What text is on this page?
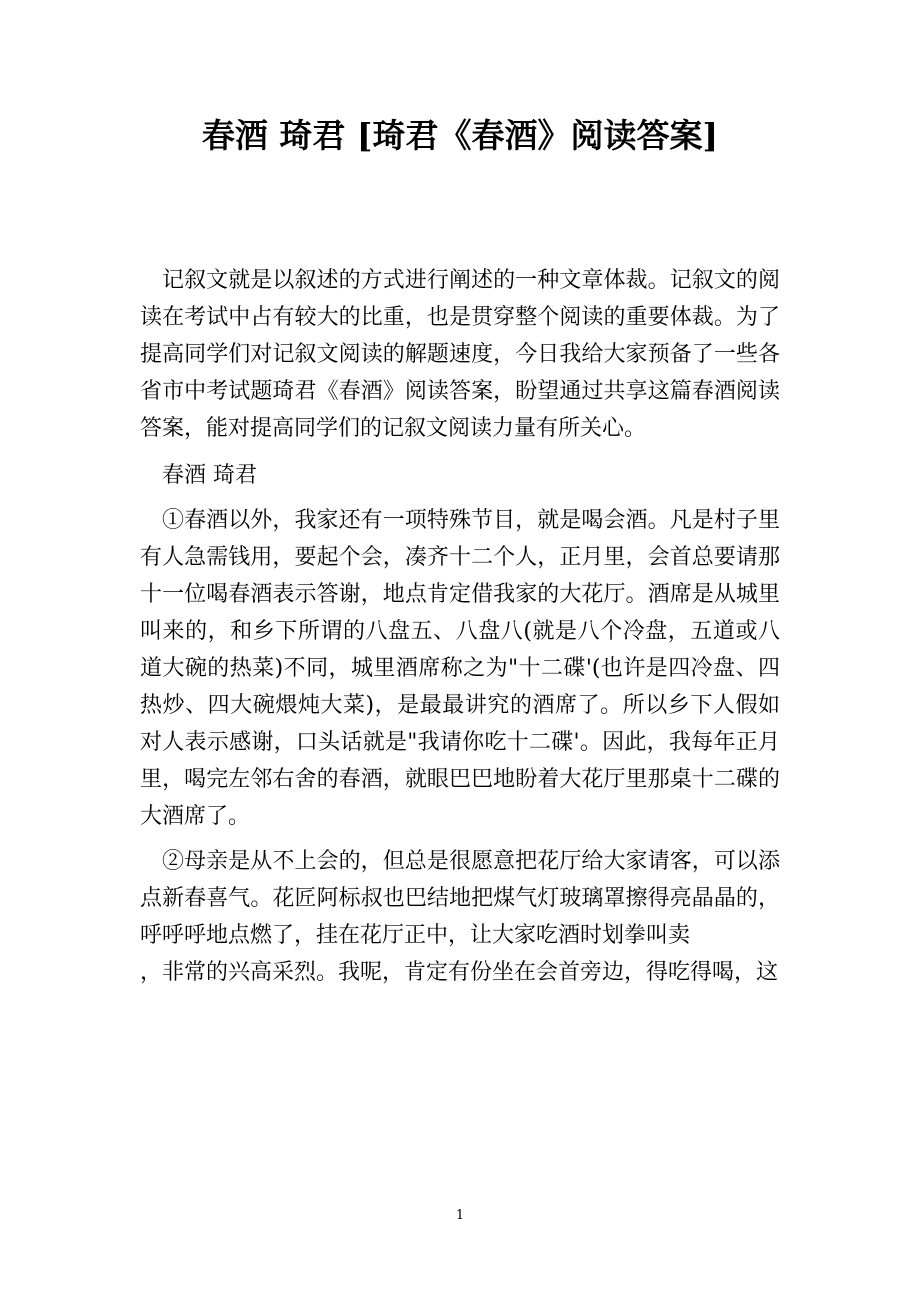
春酒 琦君 [琦君《春酒》阅读答案]

记叙文就是以叙述的方式进行阐述的一种文章体裁。记叙文的阅读在考试中占有较大的比重，也是贯穿整个阅读的重要体裁。为了提高同学们对记叙文阅读的解题速度，今日我给大家预备了一些各省市中考试题琦君《春酒》阅读答案，盼望通过共享这篇春酒阅读答案，能对提高同学们的记叙文阅读力量有所关心。

春酒 琦君

①春酒以外，我家还有一项特殊节目，就是喝会酒。凡是村子里有人急需钱用，要起个会，凑齐十二个人，正月里，会首总要请那十一位喝春酒表示答谢，地点肯定借我家的大花厅。酒席是从城里叫来的，和乡下所谓的八盘五、八盘八(就是八个冷盘，五道或八道大碗的热菜)不同，城里酒席称之为"十二碟'(也许是四冷盘、四热炒、四大碗煨炖大菜)，是最最讲究的酒席了。所以乡下人假如对人表示感谢，口头话就是"我请你吃十二碟'。因此，我每年正月里，喝完左邻右舍的春酒，就眼巴巴地盼着大花厅里那桌十二碟的大酒席了。

②母亲是从不上会的，但总是很愿意把花厅给大家请客，可以添点新春喜气。花匠阿标叔也巴结地把煤气灯玻璃罩擦得亮晶晶的，呼呼呼地点燃了，挂在花厅正中，让大家吃酒时划拳叫卖

，非常的兴高采烈。我呢，肯定有份坐在会首旁边，得吃得喝，这

1
